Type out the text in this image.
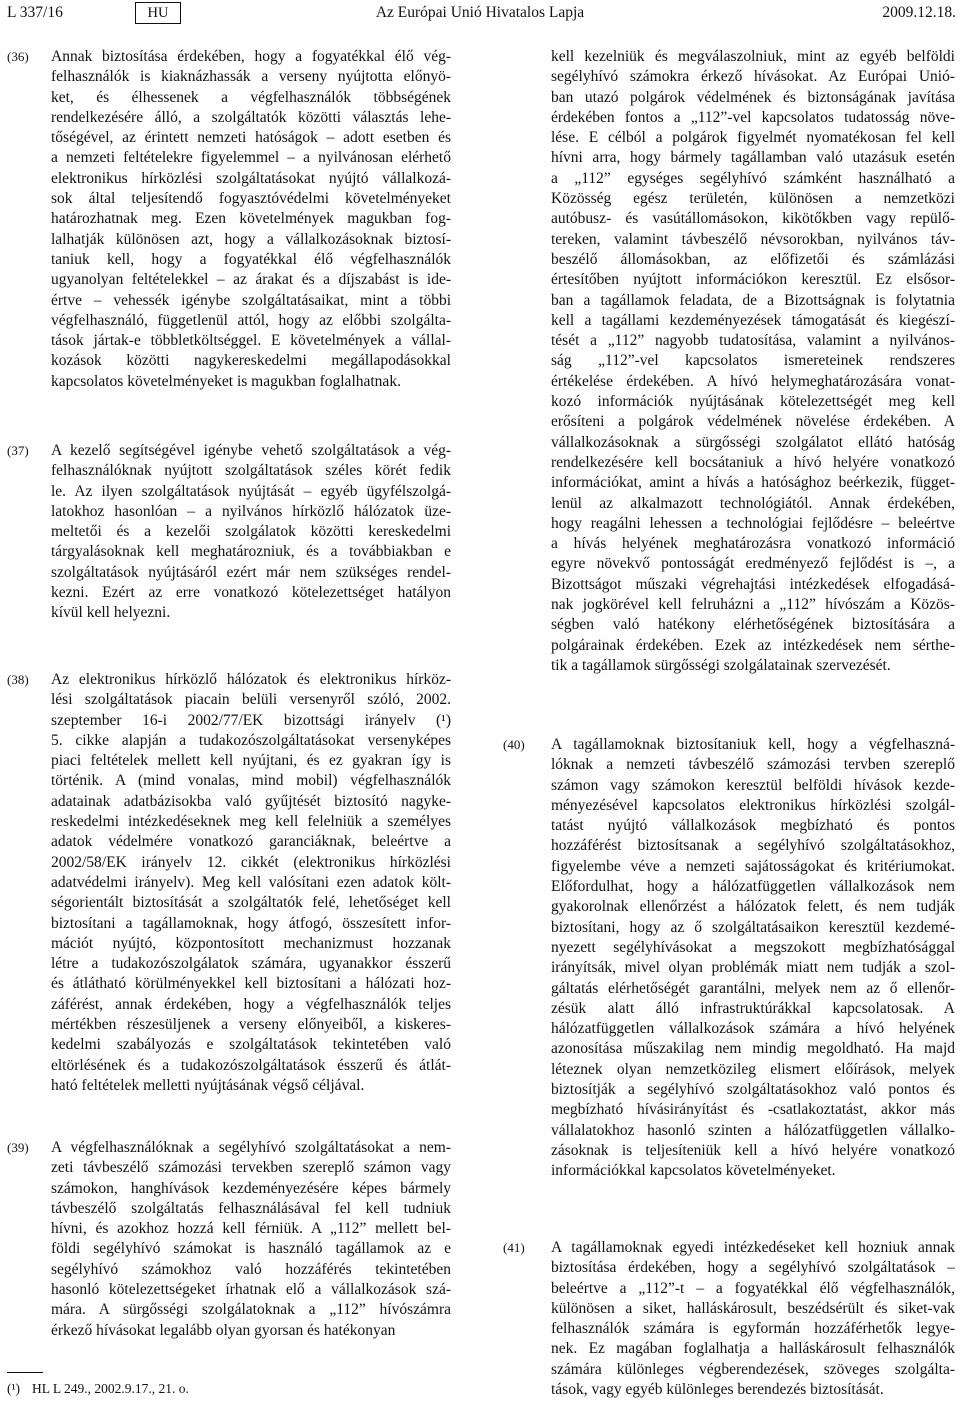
L 337/16	HU	Az Európai Unió Hivatalos Lapja	2009.12.18.
(36) Annak biztosítása érdekében, hogy a fogyatékkal élő vég-
felhasználók is kiaknázhassák a verseny nyújtotta előnyö-
ket, és élhessenek a végfelhasználók többségének
rendelkezésére álló, a szolgáltatók közötti választás lehe-
tőségével, az érintett nemzeti hatóságok – adott esetben és
a nemzeti feltételekre figyelemmel – a nyilvánosan elérhető
elektronikus hírközlési szolgáltatásokat nyújtó vállalkozá-
sok által teljesítendő fogyasztóvédelmi követelményeket
határozhatnak meg. Ezen követelmények magukban fog-
lalhatják különösen azt, hogy a vállalkozásoknak biztosí-
taniuk kell, hogy a fogyatékkal élő végfelhasználók
ugyanolyan feltételekkel – az árakat és a díjszabást is ide-
értve – vehessék igénybe szolgáltatásaikat, mint a többi
végfelhasználó, függetlenül attól, hogy az előbbi szolgálta-
tások jártak-e többletköltséggel. E követelmények a vállal-
kozások közötti nagykereskedelmi megállapodásokkal
kapcsolatos követelményeket is magukban foglalhatnak.
(37) A kezelő segítségével igénybe vehető szolgáltatások a vég-
felhasználóknak nyújtott szolgáltatások széles körét fedik
le. Az ilyen szolgáltatások nyújtását – egyéb ügyfélszolgá-
latokhoz hasonlóan – a nyilvános hírközlő hálózatok üze-
meltetői és a kezelői szolgálatok közötti kereskedelmi
tárgyalásoknak kell meghatározniuk, és a továbbiakban e
szolgáltatások nyújtásáról ezért már nem szükséges rendel-
kezni. Ezért az erre vonatkozó kötelezettséget hatályon
kívül kell helyezni.
(38) Az elektronikus hírközlő hálózatok és elektronikus hírköz-
lési szolgáltatások piacain belüli versenyről szóló, 2002.
szeptember 16-i 2002/77/EK bizottsági irányelv (¹)
5. cikke alapján a tudakozószolgáltatásokat versenyképes
piaci feltételek mellett kell nyújtani, és ez gyakran így is
történik. A (mind vonalas, mind mobil) végfelhasználók
adatainak adatbázisokba való gyűjtését biztosító nagyke-
reskedelmi intézkedéseknek meg kell felelniük a személyes
adatok védelmére vonatkozó garanciáknak, beleértve a
2002/58/EK irányelv 12. cikkét (elektronikus hírközlési
adatvédelmi irányelv). Meg kell valósítani ezen adatok költ-
ségorientált biztosítását a szolgáltatók felé, lehetőséget kell
biztosítani a tagállamoknak, hogy átfogó, összesített infor-
mációt nyújtó, központosított mechanizmust hozzanak
létre a tudakozószolgálatok számára, ugyanakkor ésszerű
és átlátható körülményekkel kell biztosítani a hálózati hoz-
záférést, annak érdekében, hogy a végfelhasználók teljes
mértékben részesüljenek a verseny előnyeiből, a kiskeres-
kedelmi szabályozás e szolgáltatások tekintetében való
eltörlésének és a tudakozószolgáltatások ésszerű és átlát-
ható feltételek melletti nyújtásának végső céljával.
(39) A végfelhasználóknak a segélyhívó szolgáltatásokat a nem-
zeti távbeszélő számozási tervekben szereplő számon vagy
számokon, hanghívások kezdeményezésére képes bármely
távbeszélő szolgáltatás felhasználásával fel kell tudniuk
hívni, és azokhoz hozzá kell férniük. A „112” mellett bel-
földi segélyhívó számokat is használó tagállamok az e
segélyhívó számokhoz való hozzáférés tekintetében
hasonló kötelezettségeket írhatnak elő a vállalkozások szá-
mára. A sürgősségi szolgálatoknak a „112” hívószámra
érkező hívásokat legalább olyan gyorsan és hatékonyan
kell kezelniük és megválaszolniuk, mint az egyéb belföldi
segélyhívó számokra érkező hívásokat. Az Európai Unió-
ban utazó polgárok védelmének és biztonságának javítása
érdekében fontos a „112”-vel kapcsolatos tudatosság növe-
lése. E célból a polgárok figyelmét nyomatékosan fel kell
hívni arra, hogy bármely tagállamban való utazásuk esetén
a „112” egységes segélyhívó számként használható a
Közösség egész területén, különösen a nemzetközi
autóbusz- és vasútállomásokon, kikötőkben vagy repülő-
tereken, valamint távbeszélő névsorokban, nyilvános táv-
beszélő állomásokban, az előfizetői és számlázási
értesítőben nyújtott információkon keresztül. Ez elsősor-
ban a tagállamok feladata, de a Bizottságnak is folytatnia
kell a tagállami kezdeményezések támogatását és kiegészí-
tését a „112” nagyobb tudatosítása, valamint a nyilvános-
ság „112”-vel kapcsolatos ismereteinek rendszeres
értékelése érdekében. A hívó helymeghatározására vonat-
kozó információk nyújtásának kötelezettségét meg kell
erősíteni a polgárok védelmének növelése érdekében. A
vállalkozásoknak a sürgősségi szolgálatot ellátó hatóság
rendelkezésére kell bocsátaniuk a hívó helyére vonatkozó
információkat, amint a hívás a hatósághoz beérkezik, függet-
lenül az alkalmazott technológiától. Annak érdekében,
hogy reagálni lehessen a technológiai fejlődésre – beleértve
a hívás helyének meghatározásra vonatkozó információ
egyre növekvő pontosságát eredményező fejlődést is –, a
Bizottságot műszaki végrehajtási intézkedések elfogadásá-
nak jogkörével kell felruházni a „112” hívószám a Közös-
ségben való hatékony elérhetőségének biztosítására a
polgárainak érdekében. Ezek az intézkedések nem sérthe-
tik a tagállamok sürgősségi szolgálatainak szervezését.
(40) A tagállamoknak biztosítaniuk kell, hogy a végfelhaszná-
lóknak a nemzeti távbeszélő számozási tervben szereplő
számon vagy számokon keresztül belföldi hívások kezde-
ményezésével kapcsolatos elektronikus hírközlési szolgál-
tatást nyújtó vállalkozások megbízható és pontos
hozzáférést biztosítsanak a segélyhívó szolgáltatásokhoz,
figyelembe véve a nemzeti sajátosságokat és kritériumokat.
Előfordulhat, hogy a hálózatfüggetlen vállalkozások nem
gyakorolnak ellenőrzést a hálózatok felett, és nem tudják
biztosítani, hogy az ő szolgáltatásaikon keresztül kezdemé-
nyezett segélyhívásokat a megszokott megbízhatósággal
irányítsák, mivel olyan problémák miatt nem tudják a szol-
gáltatás elérhetőségét garantálni, melyek nem az ő ellenőr-
zésük alatt álló infrastruktúrákkal kapcsolatosak. A
hálózatfüggetlen vállalkozások számára a hívó helyének
azonosítása műszakilag nem mindig megoldható. Ha majd
léteznek olyan nemzetközileg elismert előírások, melyek
biztosítják a segélyhívó szolgáltatásokhoz való pontos és
megbízható hívásirányítást és -csatlakoztatást, akkor más
vállalatokhoz hasonló szinten a hálózatfüggetlen vállalko-
zásoknak is teljesíteniük kell a hívó helyére vonatkozó
információkkal kapcsolatos követelményeket.
(41) A tagállamoknak egyedi intézkedéseket kell hozniuk annak
biztosítása érdekében, hogy a segélyhívó szolgáltatások –
beleértve a „112”-t – a fogyatékkal élő végfelhasználók,
különösen a siket, halláskárosult, beszédsérült és siket-vak
felhasználók számára is egyformán hozzáférhetők legye-
nek. Ez magában foglalhatja a halláskárosult felhasználók
számára különleges végberendezések, szöveges szolgálta-
tások, vagy egyéb különleges berendezés biztosítását.
(¹) HL L 249., 2002.9.17., 21. o.
